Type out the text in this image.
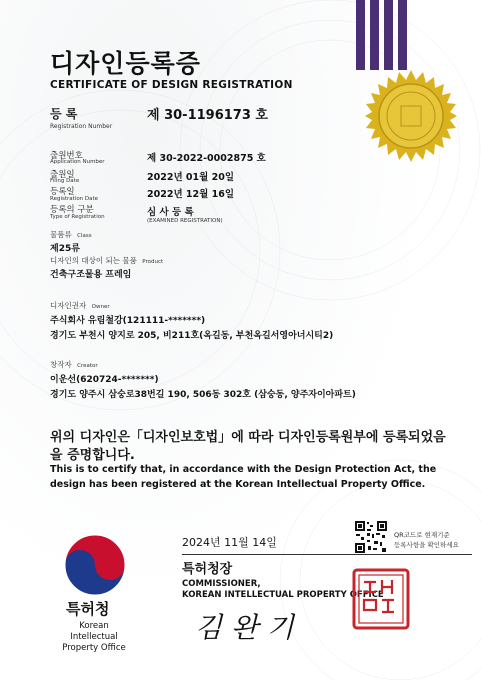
디자인등록증
CERTIFICATE OF DESIGN REGISTRATION
등 록
Registration Number
제 30-1196173 호
출원번호
Application Number	제 30-2022-0002875 호
출원일
Filing Date	2022년 01월 20일
등록일
Registration Date	2022년 12월 16일
등록의 구분
Type of Registration	심 사 등 록
(EXAMINED REGISTRATION)
물품류 Class
제25류
디자인의 대상이 되는 물품 Product
건축구조물용 프레임
디자인권자 Owner
주식회사 유림철강(121111-*******)
경기도 부천시 양지로 205, 비211호(옥길동, 부천옥길서영아너시티2)
창작자 Creator
이운선(620724-*******)
경기도 양주시 삼숭로38번길 190, 506동 302호 (삼숭동, 양주자이아파트)
위의 디자인은「디자인보호법」에 따라 디자인등록원부에 등록되었음을 증명합니다.
This is to certify that, in accordance with the Design Protection Act, the design has been registered at the Korean Intellectual Property Office.
특허청
Korean Intellectual
Property Office
2024년 11월 14일
QR코드로 현재기준
등록사항을 확인하세요
특허청장
COMMISSIONER,
KOREAN INTELLECTUAL PROPERTY OFFICE
김 완 기
